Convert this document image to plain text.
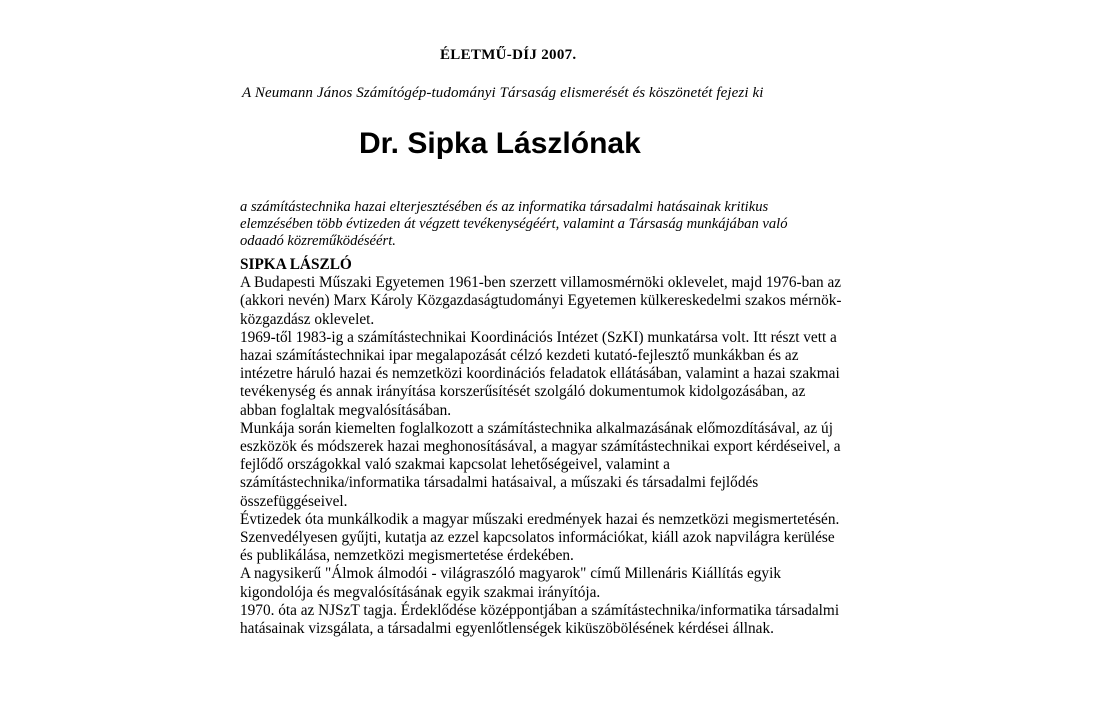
ÉLETMŰ-DÍJ 2007.
A Neumann János Számítógép-tudományi Társaság elismerését és köszönetét fejezi ki
Dr. Sipka Lászlónak
a számítástechnika hazai elterjesztésében és az informatika társadalmi hatásainak kritikus
elemzésében több évtizeden át végzett tevékenységéért, valamint a Társaság munkájában való
odaadó közreműködéséért.
SIPKA LÁSZLÓ
A Budapesti Műszaki Egyetemen 1961-ben szerzett villamosmérnöki oklevelet, majd 1976-ban az
(akkori nevén) Marx Károly Közgazdaságtudományi Egyetemen külkereskedelmi szakos mérnök-
közgazdász oklevelet.
1969-től 1983-ig a számítástechnikai Koordinációs Intézet (SzKI) munkatársa volt. Itt részt vett a
hazai számítástechnikai ipar megalapozását célzó kezdeti kutató-fejlesztő munkákban és az
intézetre háruló hazai és nemzetközi koordinációs feladatok ellátásában, valamint a hazai szakmai
tevékenység és annak irányítása korszerűsítését szolgáló dokumentumok kidolgozásában, az
abban foglaltak megvalósításában.
Munkája során kiemelten foglalkozott a számítástechnika alkalmazásának előmozdításával, az új
eszközök és módszerek hazai meghonosításával, a magyar számítástechnikai export kérdéseivel, a
fejlődő országokkal való szakmai kapcsolat lehetőségeivel, valamint a
számítástechnika/informatika társadalmi hatásaival, a műszaki és társadalmi fejlődés
összefüggéseivel.
Évtizedek óta munkálkodik a magyar műszaki eredmények hazai és nemzetközi megismertetésén.
Szenvedélyesen gyűjti, kutatja az ezzel kapcsolatos információkat, kiáll azok napvilágra kerülése
és publikálása, nemzetközi megismertetése érdekében.
A nagysikerű "Álmok álmodói - világraszóló magyarok" című Millenáris Kiállítás egyik
kigondolója és megvalósításának egyik szakmai irányítója.
1970. óta az NJSzT tagja. Érdeklődése középpontjában a számítástechnika/informatika társadalmi
hatásainak vizsgálata, a társadalmi egyenlőtlenségek kiküszöbölésének kérdései állnak.
